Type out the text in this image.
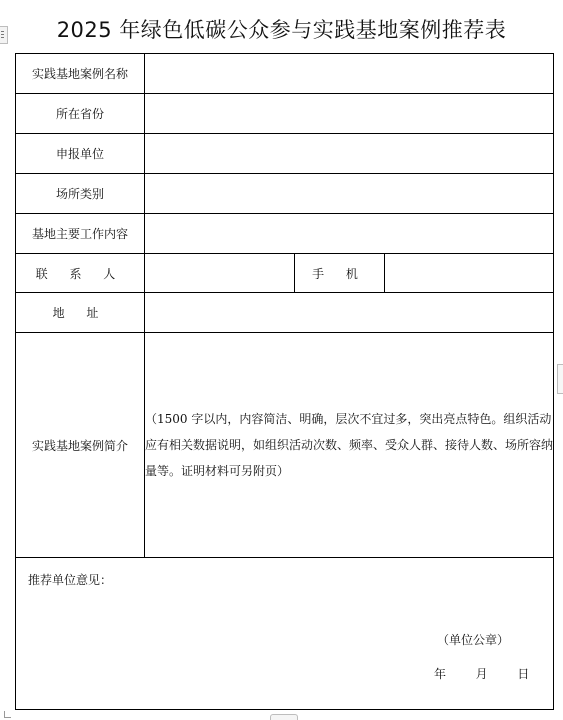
2025 年绿色低碳公众参与实践基地案例推荐表
实践基地案例名称			
所在省份			
申报单位			
场所类别			
基地主要工作内容			
联 系 人		手 机	
地 址			
实践基地案例简介	（1500 字以内，内容简洁、明确，层次不宜过多，突出亮点特色。组织活动应有相关数据说明，如组织活动次数、频率、受众人群、接待人数、场所容纳量等。证明材料可另附页）		

推荐单位意见：
（单位公章）
年 月 日			
